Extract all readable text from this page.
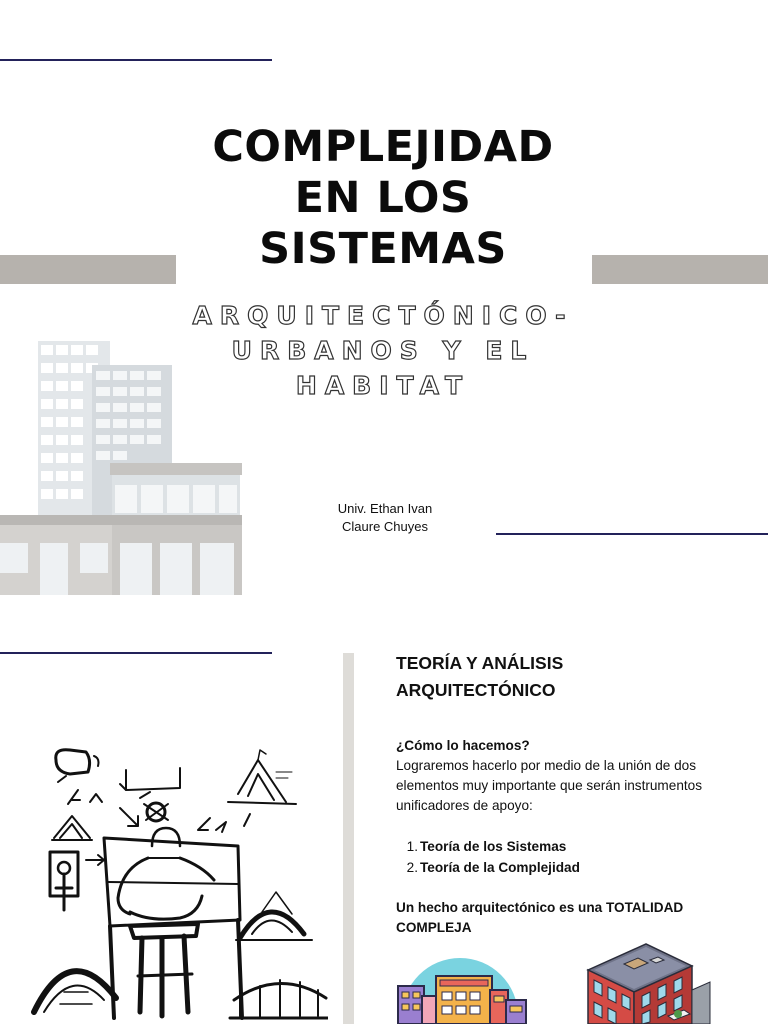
COMPLEJIDAD
EN LOS
SISTEMAS
ARQUITECTÓNICO-
URBANOS Y EL
HABITAT
Univ. Ethan Ivan
Claure Chuyes
TEORÍA Y ANÁLISIS
ARQUITECTÓNICO
¿Cómo lo hacemos?
Lograremos hacerlo por medio de la unión de dos elementos muy importante que serán instrumentos unificadores de apoyo:
1. Teoría de los Sistemas
2. Teoría de la Complejidad
Un hecho arquitectónico es una TOTALIDAD COMPLEJA
